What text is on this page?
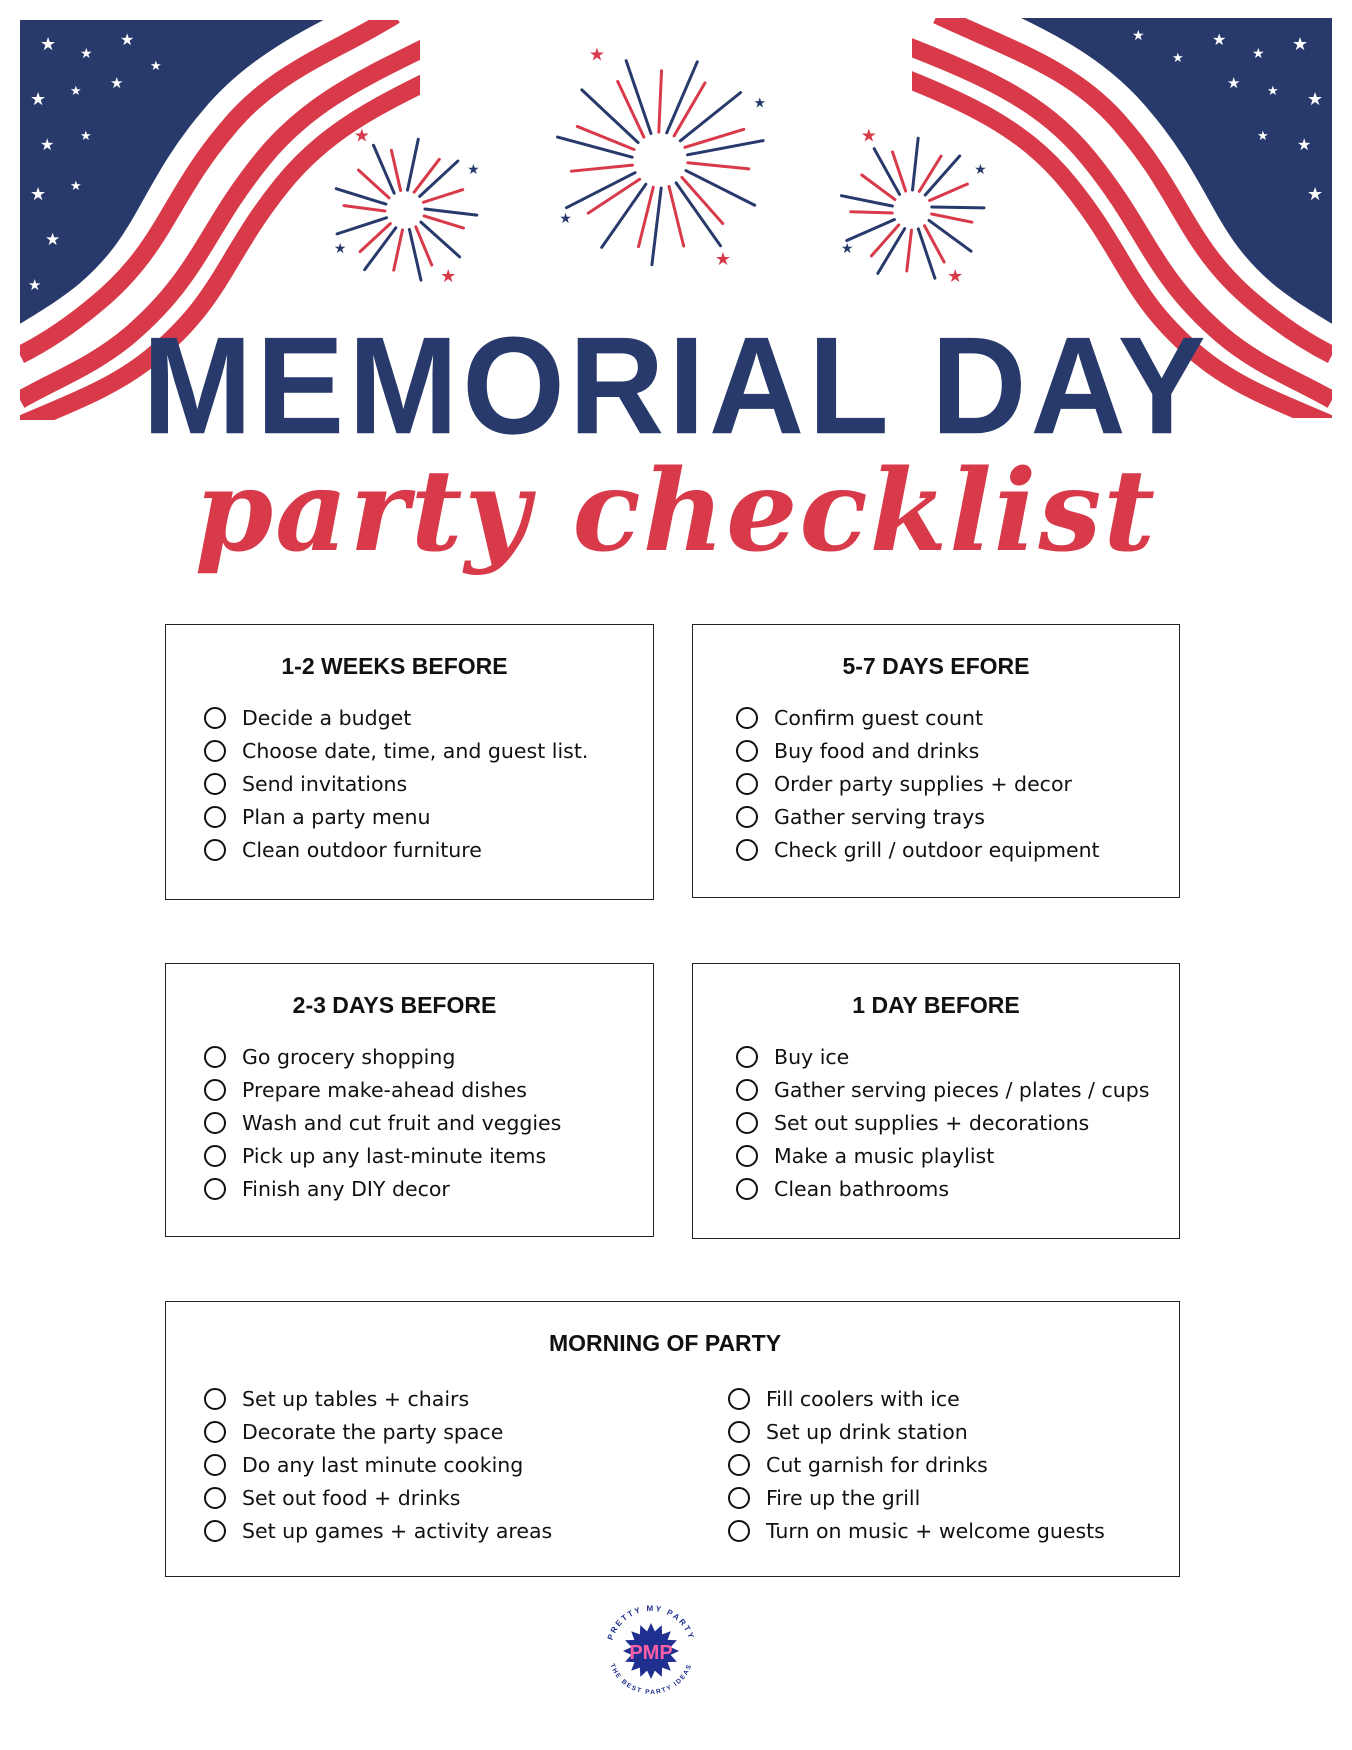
★ ★
★
★ ★ ★
★ ★
★ ★
★
★
★
★
★
★
★
★
★
★
★
★
★
★
★
★
★
★
★
★
★
★
★
★
★
★
MEMORIAL DAY
party checklist
1-2 WEEKS BEFORE
Decide a budget
Choose date, time, and guest list.
Send invitations
Plan a party menu
Clean outdoor furniture
5-7 DAYS EFORE
Confirm guest count
Buy food and drinks
Order party supplies + decor
Gather serving trays
Check grill / outdoor equipment
2-3 DAYS BEFORE
Go grocery shopping
Prepare make-ahead dishes
Wash and cut fruit and veggies
Pick up any last-minute items
Finish any DIY decor
1 DAY BEFORE
Buy ice
Gather serving pieces / plates / cups
Set out supplies + decorations
Make a music playlist
Clean bathrooms
MORNING OF PARTY
Set up tables + chairs
Decorate the party space
Do any last minute cooking
Set out food + drinks
Set up games + activity areas
Fill coolers with ice
Set up drink station
Cut garnish for drinks
Fire up the grill
Turn on music + welcome guests
PRETTY MY PARTY
THE BEST PARTY IDEAS
PMP
